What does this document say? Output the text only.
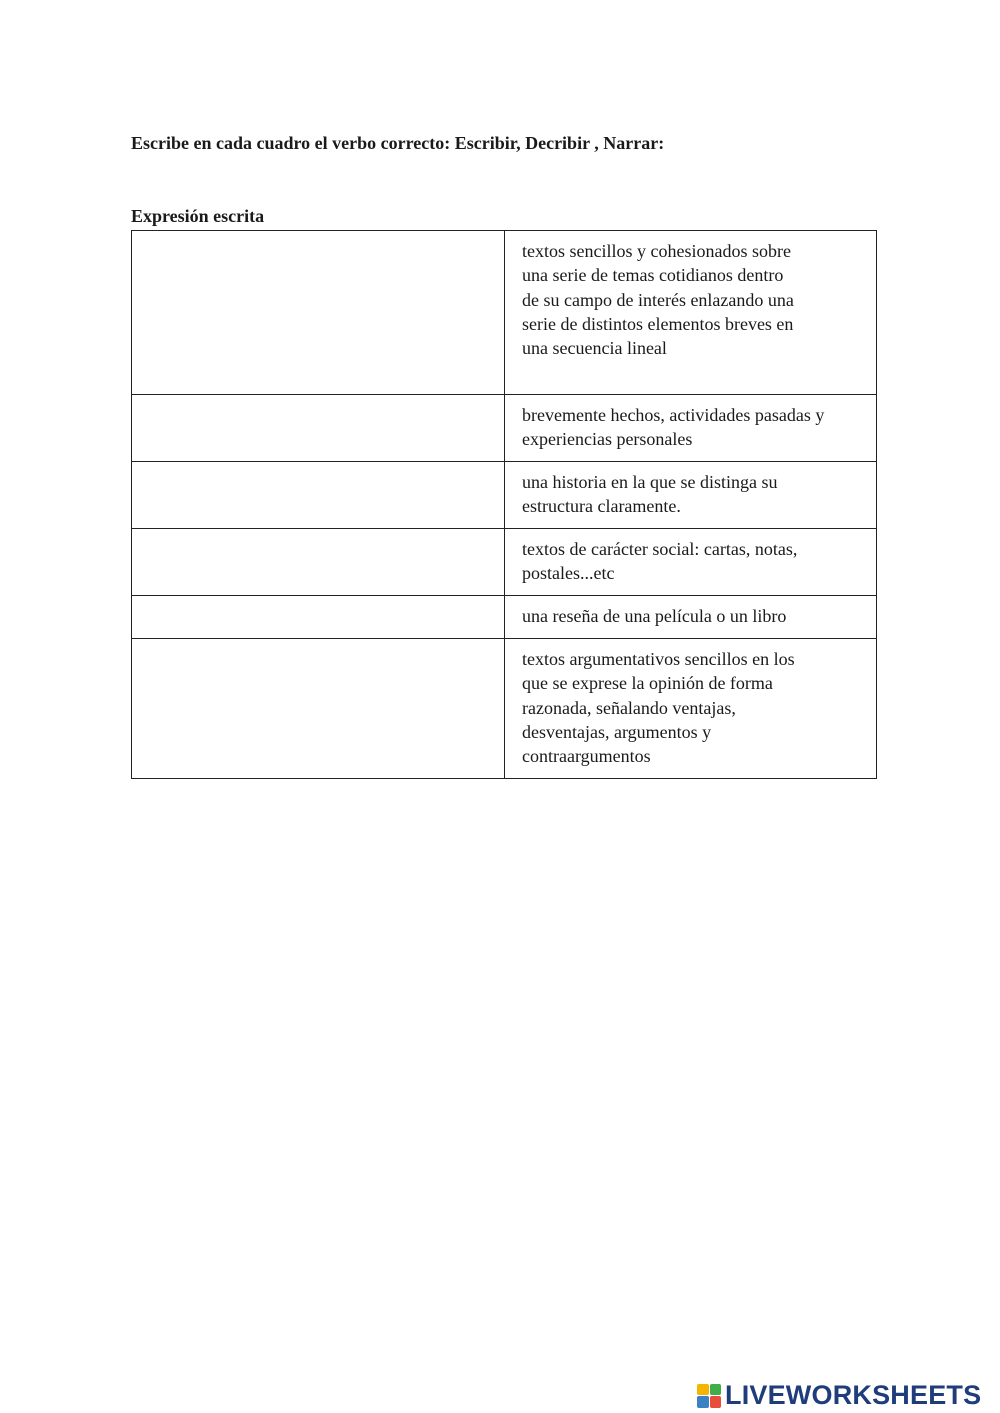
Escribe en cada cuadro el verbo correcto: Escribir, Decribir , Narrar:
Expresión escrita

textos sencillos y cohesionados sobre
una serie de temas cotidianos dentro
de su campo de interés enlazando una
serie de distintos elementos breves en
una secuencia lineal

brevemente hechos, actividades pasadas y
experiencias personales

una historia en la que se distinga su
estructura claramente.

textos de carácter social: cartas, notas,
postales...etc

una reseña de una película o un libro

textos argumentativos sencillos en los
que se exprese la opinión de forma
razonada, señalando ventajas,
desventajas, argumentos y
contraargumentos
LIVEWORKSHEETS
